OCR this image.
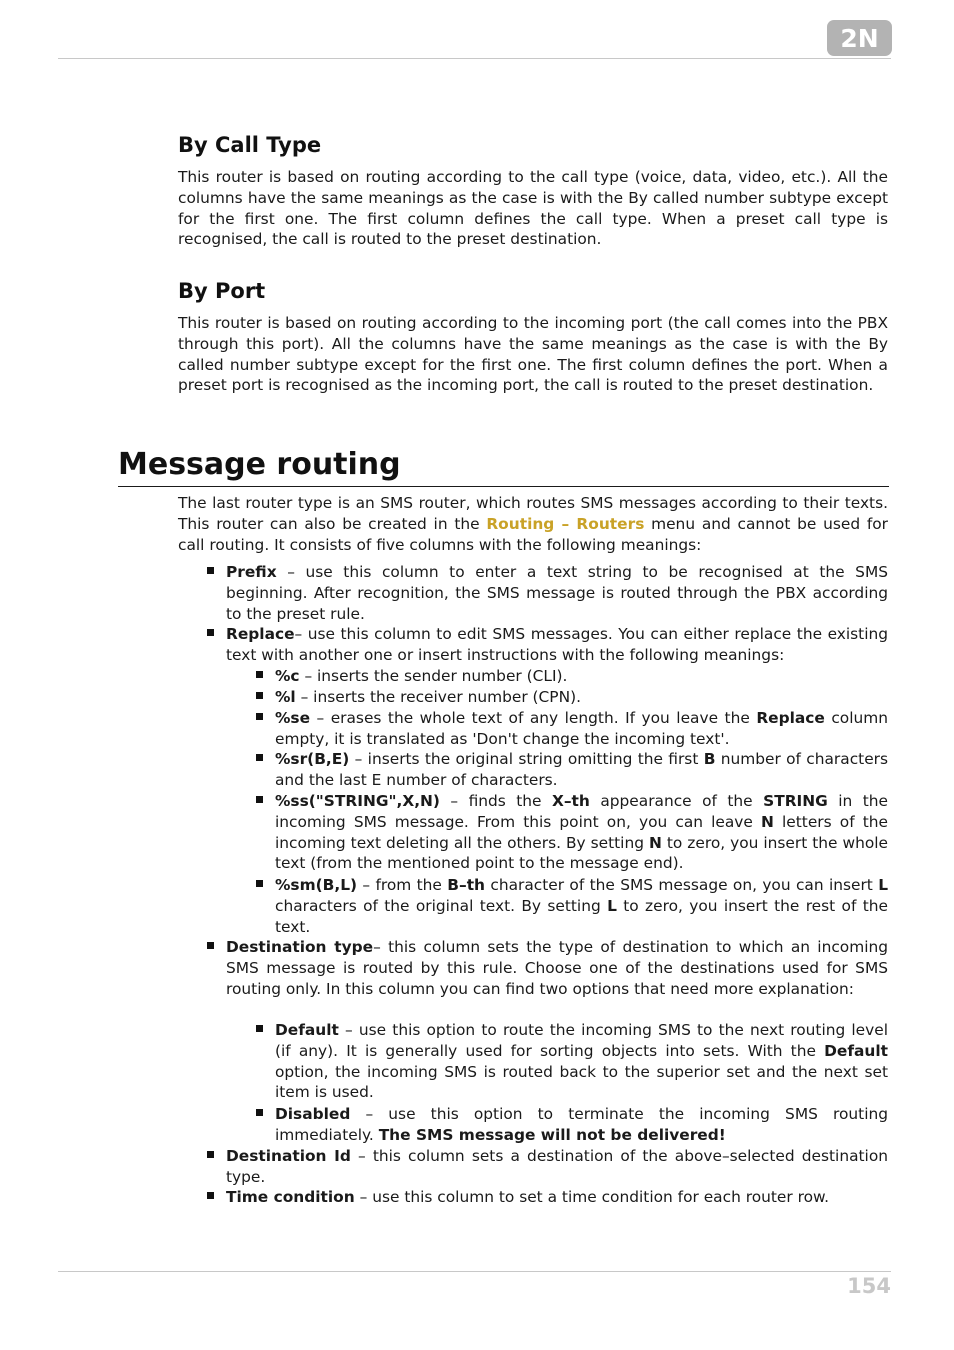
2N
By Call Type

This router is based on routing according to the call type (voice, data, video, etc.). All the columns have the same meanings as the case is with the By called number subtype except for the first one. The first column defines the call type. When a preset call type is recognised, the call is routed to the preset destination.

By Port

This router is based on routing according to the incoming port (the call comes into the PBX through this port). All the columns have the same meanings as the case is with the By called number subtype except for the first one. The first column defines the port. When a preset port is recognised as the incoming port, the call is routed to the preset destination.

Message routing

The last router type is an SMS router, which routes SMS messages according to their texts. This router can also be created in the Routing – Routers menu and cannot be used for call routing. It consists of five columns with the following meanings:

Prefix – use this column to enter a text string to be recognised at the SMS beginning. After recognition, the SMS message is routed through the PBX according to the preset rule.

Replace– use this column to edit SMS messages. You can either replace the existing text with another one or insert instructions with the following meanings:

%c – inserts the sender number (CLI).

%l – inserts the receiver number (CPN).

%se – erases the whole text of any length. If you leave the Replace column empty, it is translated as 'Don't change the incoming text'.

%sr(B,E) – inserts the original string omitting the first B number of characters and the last E number of characters.

%ss("STRING",X,N) – finds the X–th appearance of the STRING in the incoming SMS message. From this point on, you can leave N letters of the incoming text deleting all the others. By setting N to zero, you insert the whole text (from the mentioned point to the message end).

%sm(B,L) – from the B–th character of the SMS message on, you can insert L characters of the original text. By setting L to zero, you insert the rest of the text.

Destination type– this column sets the type of destination to which an incoming SMS message is routed by this rule. Choose one of the destinations used for SMS routing only. In this column you can find two options that need more explanation:

Default – use this option to route the incoming SMS to the next routing level (if any). It is generally used for sorting objects into sets. With the Default option, the incoming SMS is routed back to the superior set and the next set item is used.

Disabled – use this option to terminate the incoming SMS routing immediately. The SMS message will not be delivered!

Destination Id – this column sets a destination of the above–selected destination type.

Time condition – use this column to set a time condition for each router row.

154
